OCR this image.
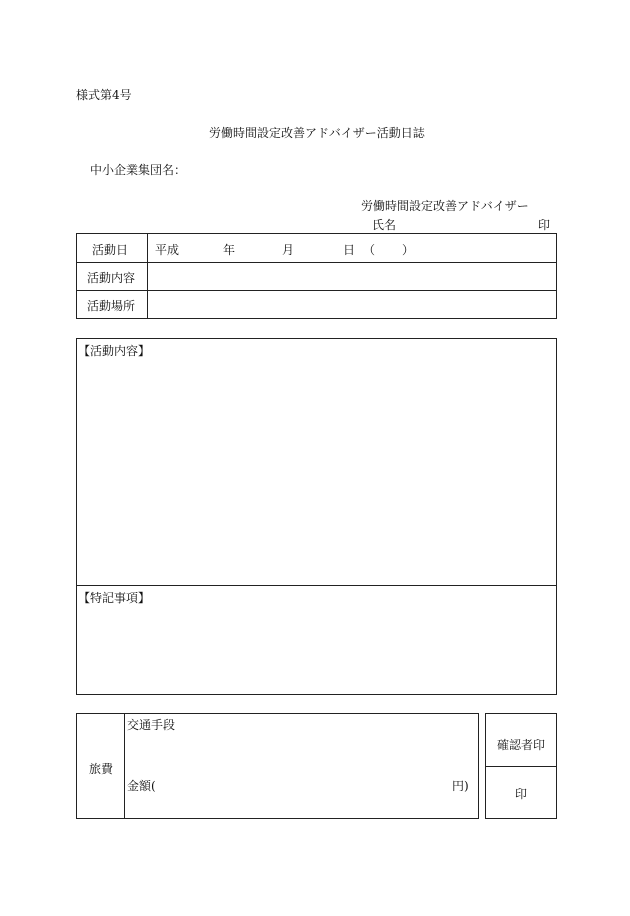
様式第4号
労働時間設定改善アドバイザー活動日誌
中小企業集団名：
労働時間設定改善アドバイザー
氏名	印
活動日 平成	年	月	日 （ ）
活動内容
活動場所
【活動内容】
【特記事項】
旅費
交通手段
金額(	円)
確認者印
印
